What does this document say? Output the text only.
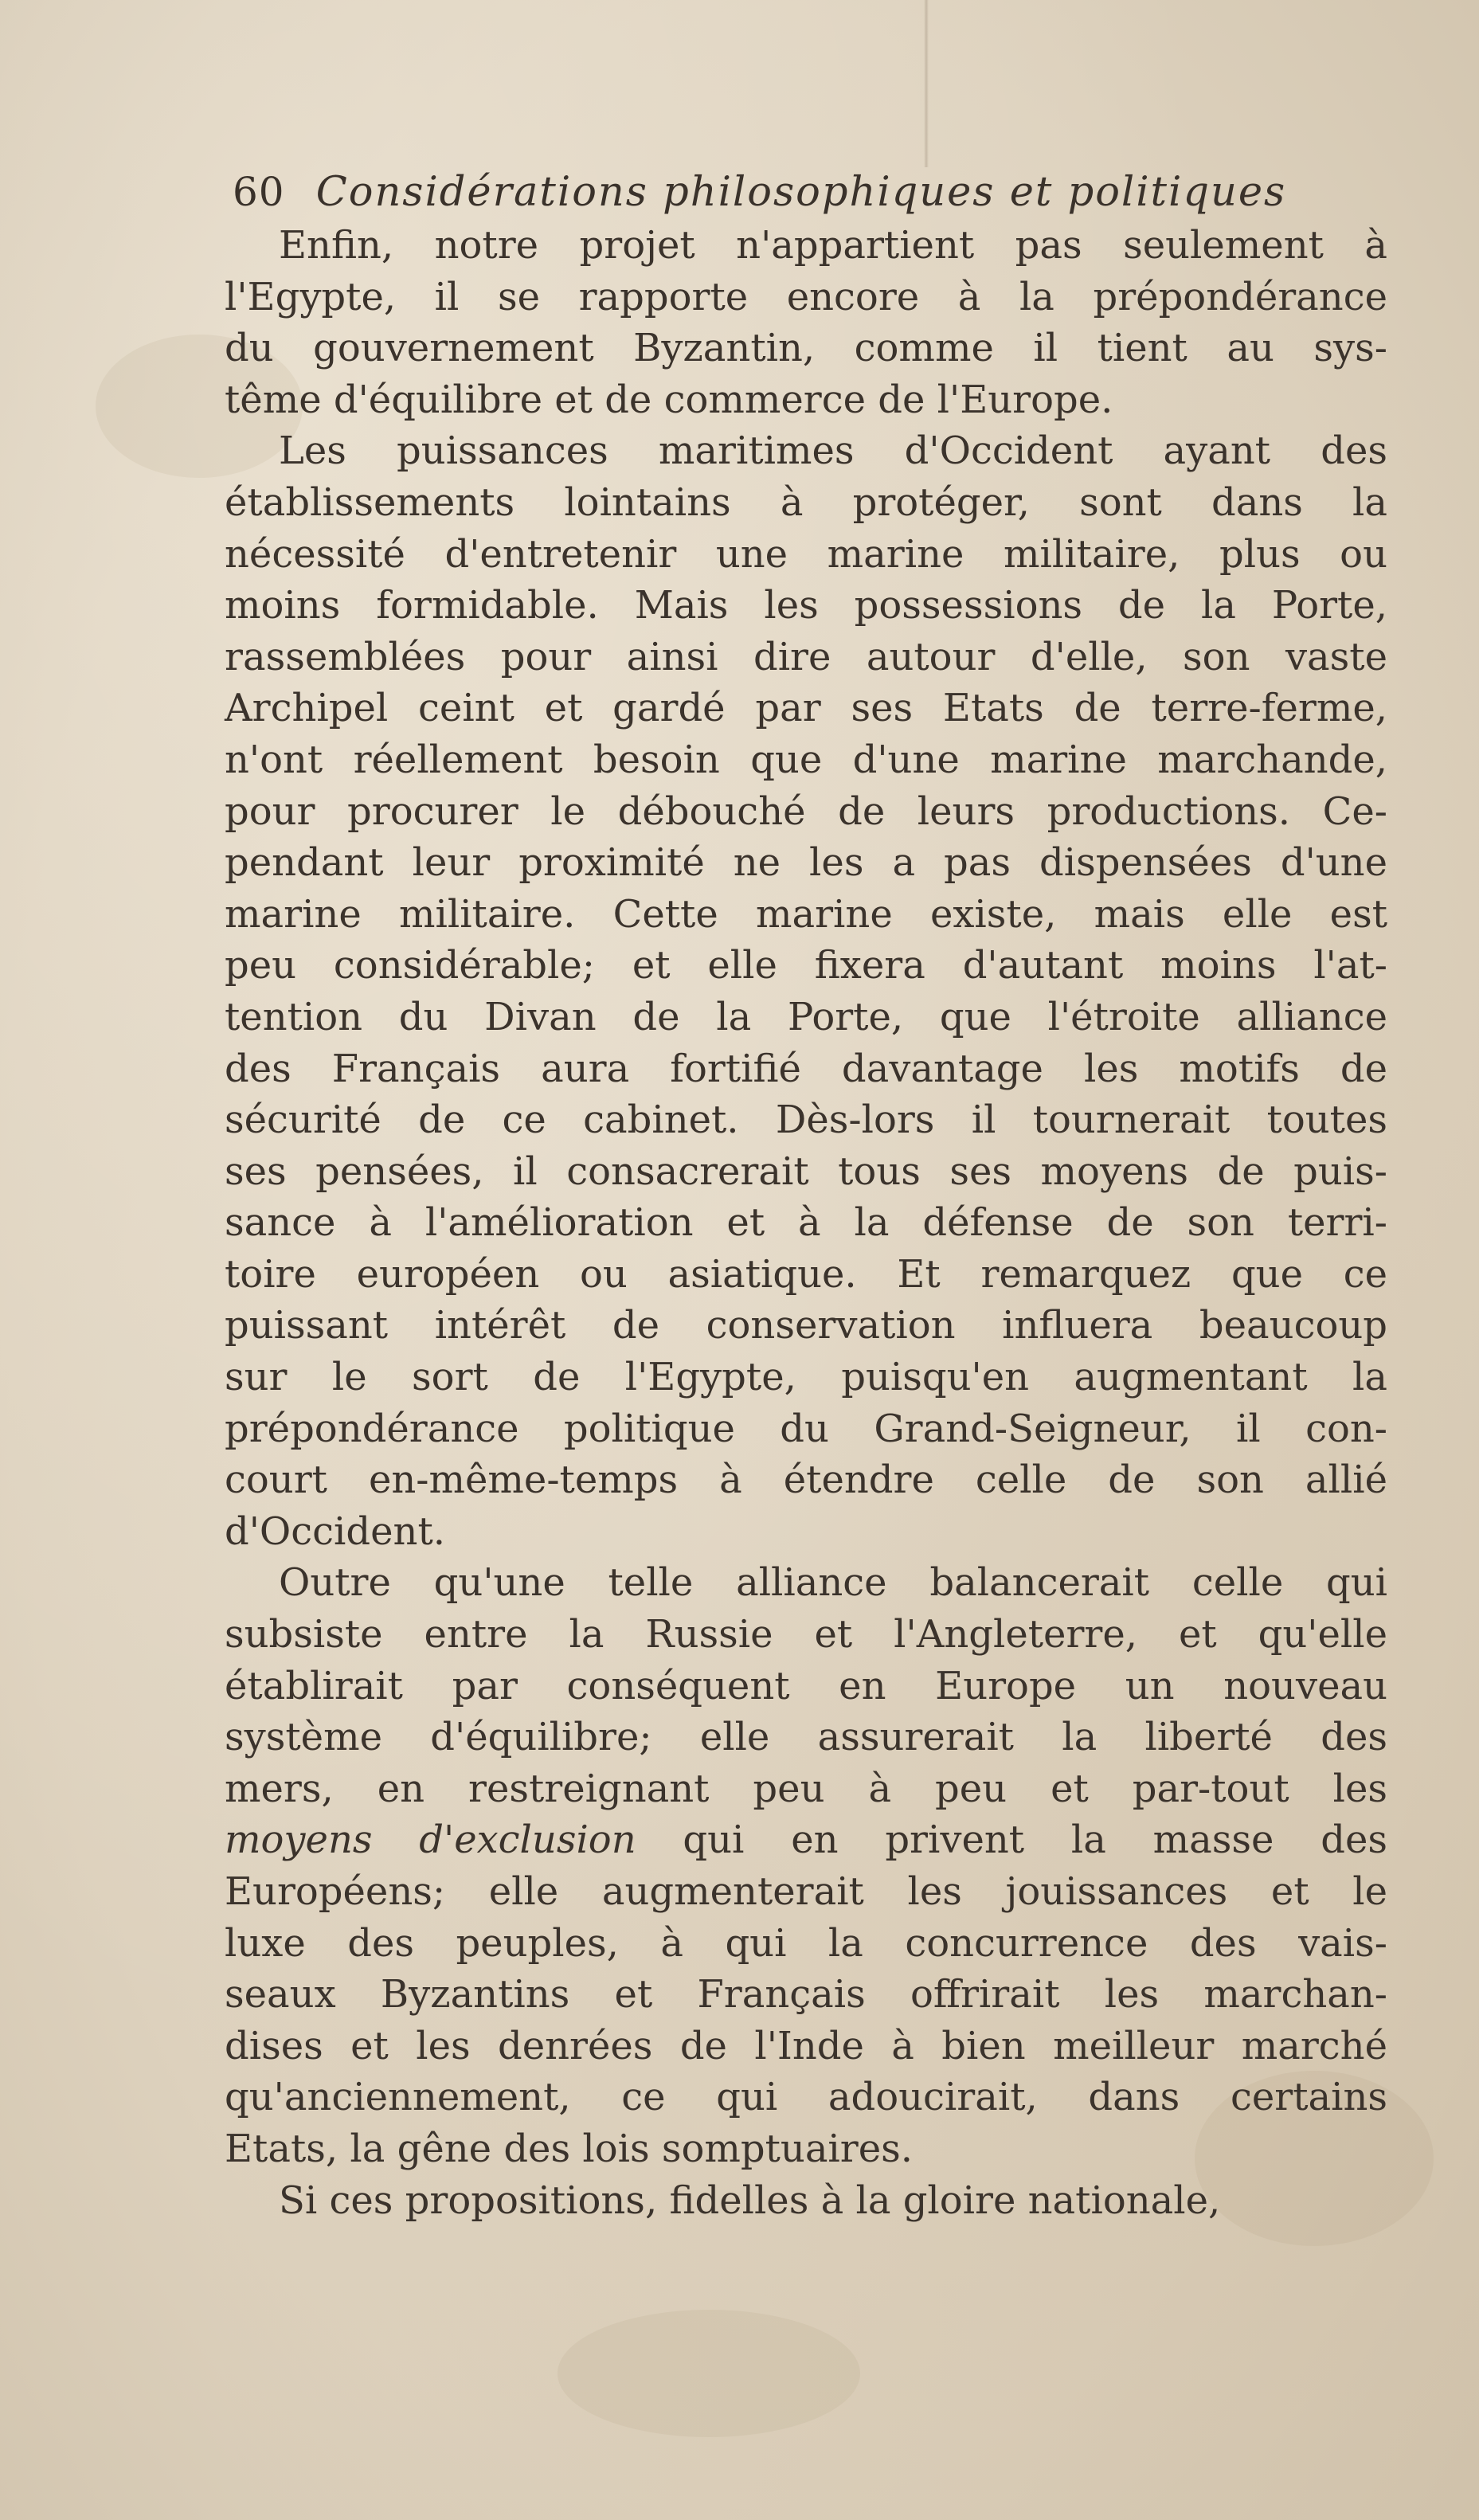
60 Considérations philosophiques et politiques
Enfin, notre projet n'appartient pas seulement à
l'Egypte, il se rapporte encore à la prépondérance
du gouvernement Byzantin, comme il tient au sys-
tême d'équilibre et de commerce de l'Europe.
Les puissances maritimes d'Occident ayant des
établissements lointains à protéger, sont dans la
nécessité d'entretenir une marine militaire, plus ou
moins formidable. Mais les possessions de la Porte,
rassemblées pour ainsi dire autour d'elle, son vaste
Archipel ceint et gardé par ses Etats de terre-ferme,
n'ont réellement besoin que d'une marine marchande,
pour procurer le débouché de leurs productions. Ce-
pendant leur proximité ne les a pas dispensées d'une
marine militaire. Cette marine existe, mais elle est
peu considérable; et elle fixera d'autant moins l'at-
tention du Divan de la Porte, que l'étroite alliance
des Français aura fortifié davantage les motifs de
sécurité de ce cabinet. Dès-lors il tournerait toutes
ses pensées, il consacrerait tous ses moyens de puis-
sance à l'amélioration et à la défense de son terri-
toire européen ou asiatique. Et remarquez que ce
puissant intérêt de conservation influera beaucoup
sur le sort de l'Egypte, puisqu'en augmentant la
prépondérance politique du Grand-Seigneur, il con-
court en-même-temps à étendre celle de son allié
d'Occident.
Outre qu'une telle alliance balancerait celle qui
subsiste entre la Russie et l'Angleterre, et qu'elle
établirait par conséquent en Europe un nouveau
système d'équilibre; elle assurerait la liberté des
mers, en restreignant peu à peu et par-tout les
moyens d'exclusion qui en privent la masse des
Européens; elle augmenterait les jouissances et le
luxe des peuples, à qui la concurrence des vais-
seaux Byzantins et Français offrirait les marchan-
dises et les denrées de l'Inde à bien meilleur marché
qu'anciennement, ce qui adoucirait, dans certains
Etats, la gêne des lois somptuaires.
Si ces propositions, fidelles à la gloire nationale,
